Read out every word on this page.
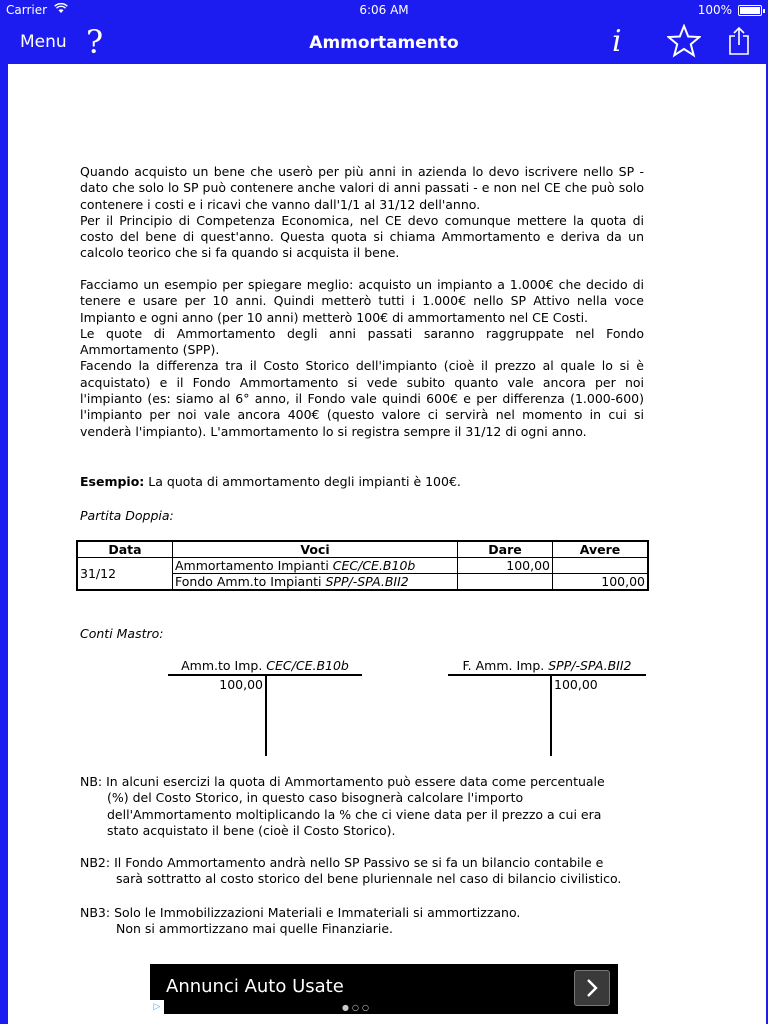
Carrier	6:06 AM	100%
Menu ?	Ammortamento	i

Quando acquisto un bene che userò per più anni in azienda lo devo iscrivere nello SP - dato che solo lo SP può contenere anche valori di anni passati - e non nel CE che può solo contenere i costi e i ricavi che vanno dall'1/1 al 31/12 dell'anno.

Per il Principio di Competenza Economica, nel CE devo comunque mettere la quota di costo del bene di quest'anno. Questa quota si chiama Ammortamento e deriva da un calcolo teorico che si fa quando si acquista il bene.

Facciamo un esempio per spiegare meglio: acquisto un impianto a 1.000€ che decido di tenere e usare per 10 anni. Quindi metterò tutti i 1.000€ nello SP Attivo nella voce Impianto e ogni anno (per 10 anni) metterò 100€ di ammortamento nel CE Costi.

Le quote di Ammortamento degli anni passati saranno raggruppate nel Fondo Ammortamento (SPP).

Facendo la differenza tra il Costo Storico dell'impianto (cioè il prezzo al quale lo si è acquistato) e il Fondo Ammortamento si vede subito quanto vale ancora per noi l'impianto (es: siamo al 6° anno, il Fondo vale quindi 600€ e per differenza (1.000-600) l'impianto per noi vale ancora 400€ (questo valore ci servirà nel momento in cui si venderà l'impianto). L'ammortamento lo si registra sempre il 31/12 di ogni anno.

Esempio: La quota di ammortamento degli impianti è 100€.
Partita Doppia:
Data	Voci	Dare	Avere
31/12	Ammortamento Impianti CEC/CE.B10b	100,00	
	Fondo Amm.to Impianti SPP/-SPA.BII2		100,00
Conti Mastro:
Amm.to Imp. CEC/CE.B10b
100,00
F. Amm. Imp. SPP/-SPA.BII2
100,00
NB: In alcuni esercizi la quota di Ammortamento può essere data come percentuale
(%) del Costo Storico, in questo caso bisognerà calcolare l'importo
dell'Ammortamento moltiplicando la % che ci viene data per il prezzo a cui era
stato acquistato il bene (cioè il Costo Storico).
NB2: Il Fondo Ammortamento andrà nello SP Passivo se si fa un bilancio contabile e
sarà sottratto al costo storico del bene pluriennale nel caso di bilancio civilistico.
NB3: Solo le Immobilizzazioni Materiali e Immateriali si ammortizzano.
Non si ammortizzano mai quelle Finanziarie.
Annunci Auto Usate
●○○
▷
